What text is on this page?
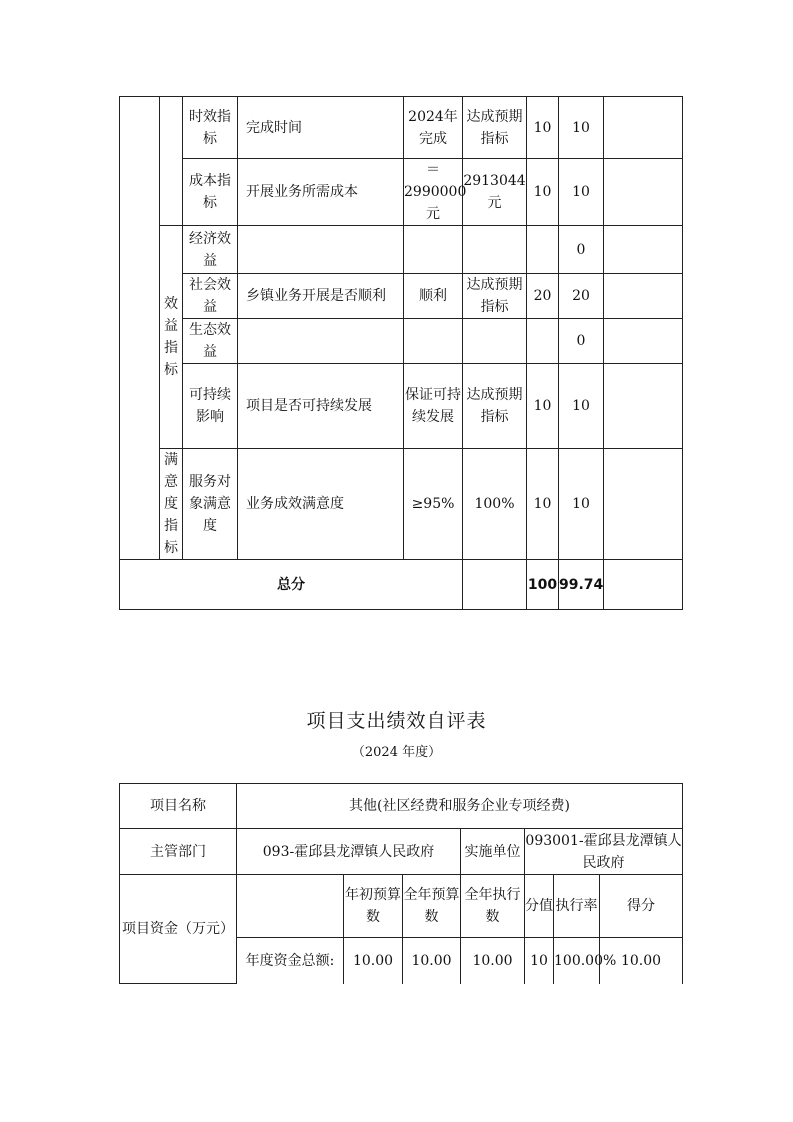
		时效指标	完成时间	2024年完成	达成预期指标	10	10	
		成本指标	开展业务所需成本	＝2990000元	2913044元	10	10	
	效益指标	经济效益					0	
		社会效益	乡镇业务开展是否顺利	顺利	达成预期指标	20	20	
		生态效益					0	
		可持续影响	项目是否可持续发展	保证可持续发展	达成预期指标	10	10	
	满意度指标	服务对象满意度	业务成效满意度	≥95%	100%	10	10	
总分						100	99.74	
项目支出绩效自评表
（2024 年度）
项目名称	其他(社区经费和服务企业专项经费)						
主管部门	093-霍邱县龙潭镇人民政府			实施单位	093001-霍邱县龙潭镇人民政府		
项目资金（万元）		年初预算数	全年预算数	全年执行数	分值	执行率	得分
	年度资金总额:	10.00	10.00	10.00	10	100.00%	10.00
